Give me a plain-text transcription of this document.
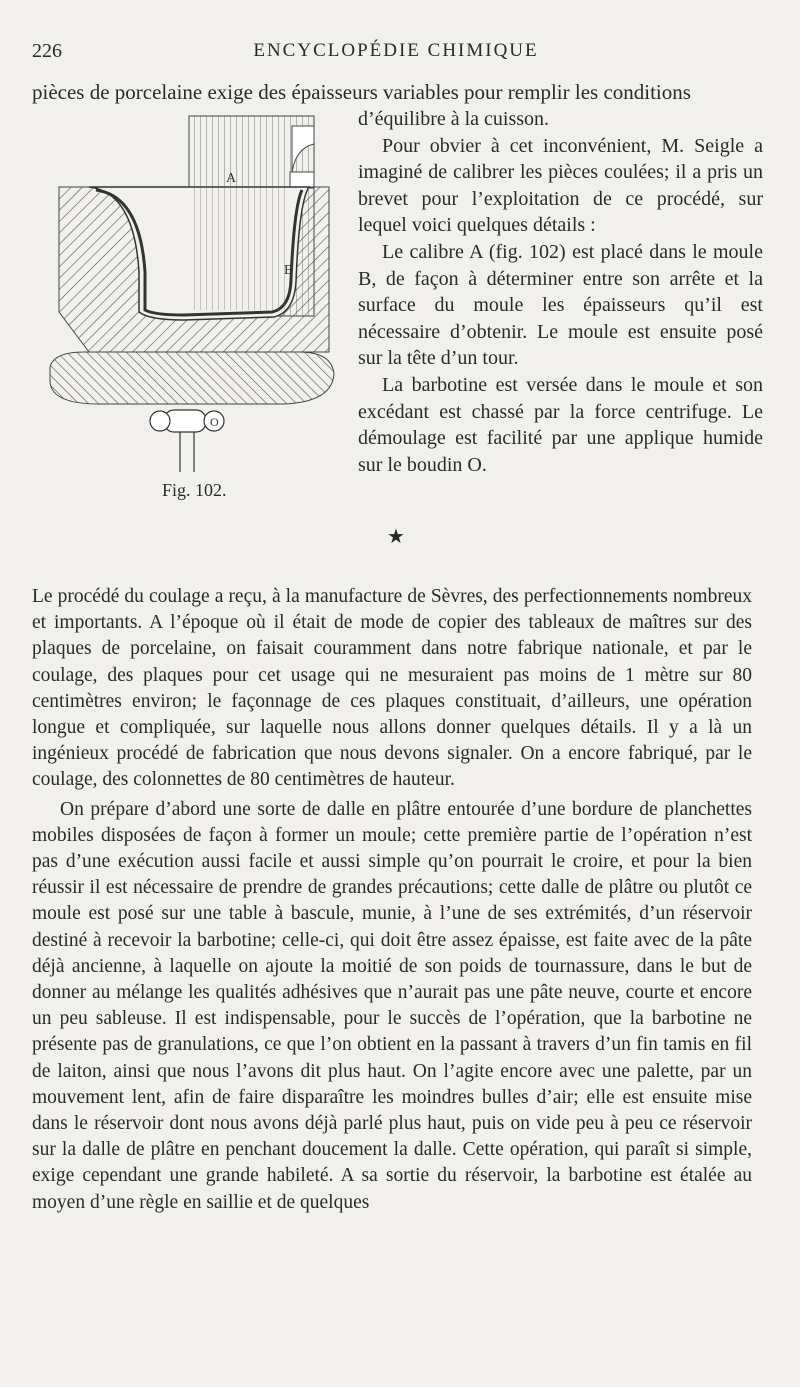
226	ENCYCLOPÉDIE CHIMIQUE
pièces de porcelaine exige des épaisseurs variables pour remplir les conditions
A
B
O
Fig. 102.

d’équilibre à la cuisson.

Pour obvier à cet inconvénient, M. Seigle a imaginé de calibrer les pièces coulées; il a pris un brevet pour l’exploitation de ce procédé, sur lequel voici quelques détails :

Le calibre A (fig. 102) est placé dans le moule B, de façon à déterminer entre son arrête et la surface du moule les épaisseurs qu’il est nécessaire d’obtenir. Le moule est ensuite posé sur la tête d’un tour.

La barbotine est versée dans le moule et son excédant est chassé par la force centrifuge. Le démoulage est facilité par une applique humide sur le boudin O.

★

Le procédé du coulage a reçu, à la manufacture de Sèvres, des perfectionnements nombreux et importants. A l’époque où il était de mode de copier des tableaux de maîtres sur des plaques de porcelaine, on faisait couramment dans notre fabrique nationale, et par le coulage, des plaques pour cet usage qui ne mesuraient pas moins de 1 mètre sur 80 centimètres environ; le façonnage de ces plaques constituait, d’ailleurs, une opération longue et compliquée, sur laquelle nous allons donner quelques détails. Il y a là un ingénieux procédé de fabrication que nous devons signaler. On a encore fabriqué, par le coulage, des colonnettes de 80 centimètres de hauteur.

On prépare d’abord une sorte de dalle en plâtre entourée d’une bordure de planchettes mobiles disposées de façon à former un moule; cette première partie de l’opération n’est pas d’une exécution aussi facile et aussi simple qu’on pourrait le croire, et pour la bien réussir il est nécessaire de prendre de grandes précautions; cette dalle de plâtre ou plutôt ce moule est posé sur une table à bascule, munie, à l’une de ses extrémités, d’un réservoir destiné à recevoir la barbotine; celle-ci, qui doit être assez épaisse, est faite avec de la pâte déjà ancienne, à laquelle on ajoute la moitié de son poids de tournassure, dans le but de donner au mélange les qualités adhésives que n’aurait pas une pâte neuve, courte et encore un peu sableuse. Il est indispensable, pour le succès de l’opération, que la barbotine ne présente pas de granulations, ce que l’on obtient en la passant à travers d’un fin tamis en fil de laiton, ainsi que nous l’avons dit plus haut. On l’agite encore avec une palette, par un mouvement lent, afin de faire disparaître les moindres bulles d’air; elle est ensuite mise dans le réservoir dont nous avons déjà parlé plus haut, puis on vide peu à peu ce réservoir sur la dalle de plâtre en penchant doucement la dalle. Cette opération, qui paraît si simple, exige cependant une grande habileté. A sa sortie du réservoir, la barbotine est étalée au moyen d’une règle en saillie et de quelques
